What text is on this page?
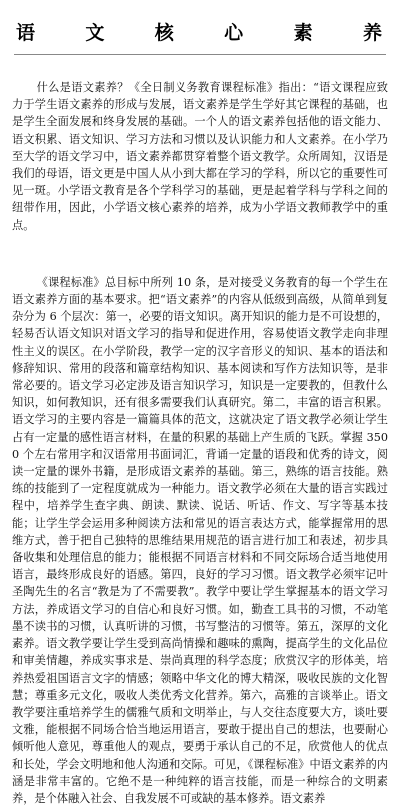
语	文	核	心	素	养

什么是语文素养？《全日制义务教育课程标准》指出：“语文课程应致力于学生语文素养的形成与发展，语文素养是学生学好其它课程的基础，也是学生全面发展和终身发展的基础。一个人的语文素养包括他的语文能力、语文积累、语文知识、学习方法和习惯以及认识能力和人文素养。在小学乃至大学的语文学习中，语文素养都贯穿着整个语文教学。众所周知，汉语是我们的母语，语文更是中国人从小到大都在学习的学科，所以它的重要性可见一斑。小学语文教育是各个学科学习的基础，更是起着学科与学科之间的纽带作用，因此，小学语文核心素养的培养，成为小学语文教师教学中的重点。

《课程标准》总目标中所列 10 条，是对接受义务教育的每一个学生在语文素养方面的基本要求。把“语文素养”的内容从低级到高级，从简单到复杂分为 6 个层次：第一，必要的语文知识。离开知识的能力是不可设想的，轻易否认语文知识对语文学习的指导和促进作用，容易使语文教学走向非理性主义的误区。在小学阶段，教学一定的汉字音形义的知识、基本的语法和修辞知识、常用的段落和篇章结构知识、基本阅读和写作方法知识等，是非常必要的。语文学习必定涉及语言知识学习，知识是一定要教的，但教什么知识，如何教知识，还有很多需要我们认真研究。第二，丰富的语言积累。语文学习的主要内容是一篇篇具体的范文，这就决定了语文教学必须让学生占有一定量的感性语言材料，在量的积累的基础上产生质的飞跃。掌握 3500 个左右常用字和汉语常用书面词汇，背诵一定量的语段和优秀的诗文，阅读一定量的课外书籍，是形成语文素养的基础。第三，熟练的语言技能。熟练的技能到了一定程度就成为一种能力。语文教学必须在大量的语言实践过程中，培养学生查字典、朗读、默读、说话、听话、作文、写字等基本技能；让学生学会运用多种阅读方法和常见的语言表达方式，能掌握常用的思维方式，善于把自己独特的思维结果用规范的语言进行加工和表述，初步具备收集和处理信息的能力；能根据不同语言材料和不同交际场合适当地使用语言，最终形成良好的语感。第四，良好的学习习惯。语文教学必须牢记叶圣陶先生的名言“教是为了不需要教”。教学中要让学生掌握基本的语文学习方法，养成语文学习的自信心和良好习惯。如，勤查工具书的习惯，不动笔墨不读书的习惯，认真听讲的习惯，书写整洁的习惯等。第五，深厚的文化素养。语文教学要让学生受到高尚情操和趣味的熏陶，提高学生的文化品位和审美情趣，养成实事求是、崇尚真理的科学态度；欣赏汉字的形体美，培养热爱祖国语言文字的情感；领略中华文化的博大精深，吸收民族的文化智慧；尊重多元文化，吸收人类优秀文化营养。第六，高雅的言谈举止。语文教学要注重培养学生的儒雅气质和文明举止，与人交往态度要大方，谈吐要文雅，能根据不同场合恰当地运用语言，要敢于提出自己的想法，也要耐心倾听他人意见，尊重他人的观点，要勇于承认自己的不足，欣赏他人的优点和长处，学会文明地和他人沟通和交际。可见，《课程标准》中语文素养的内涵是非常丰富的。它绝不是一种纯粹的语言技能，而是一种综合的文明素养，是个体融入社会、自我发展不可或缺的基本修养。语文素养
